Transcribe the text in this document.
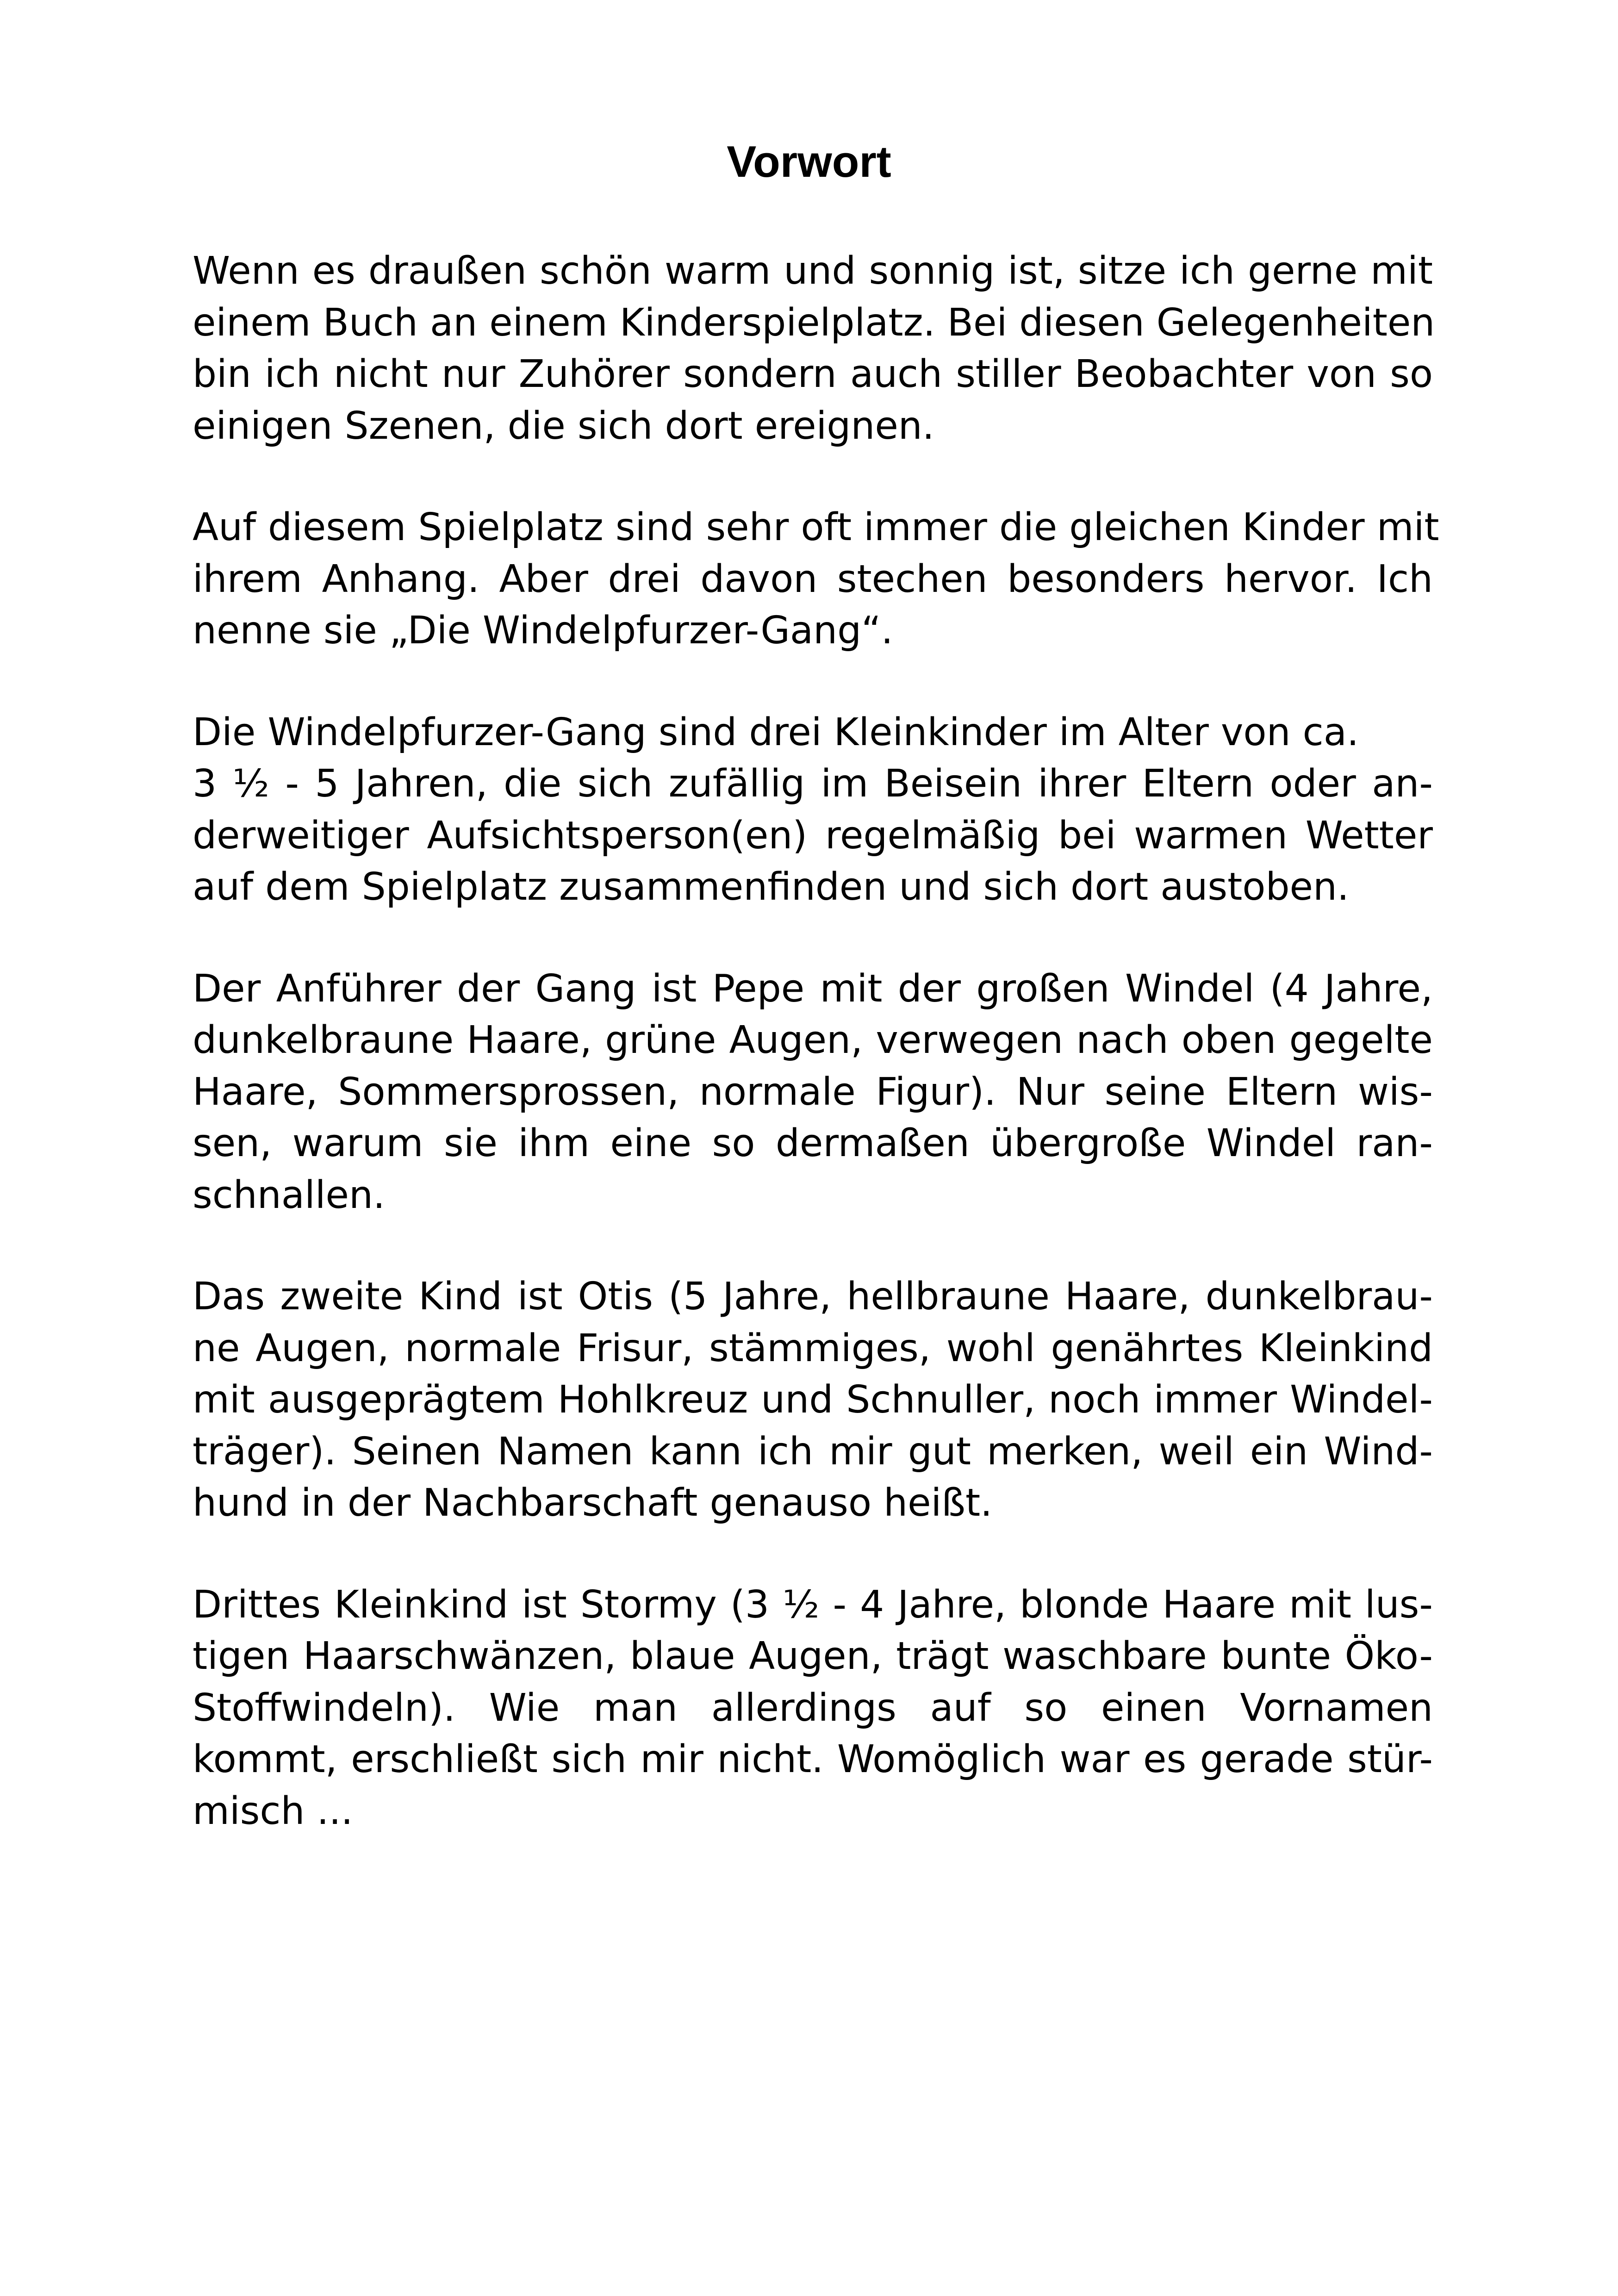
Vorwort

Wenn es draußen schön warm und sonnig ist, sitze ich gerne mit
einem Buch an einem Kinderspielplatz. Bei diesen Gelegenheiten
bin ich nicht nur Zuhörer sondern auch stiller Beobachter von so
einigen Szenen, die sich dort ereignen.

Auf diesem Spielplatz sind sehr oft immer die gleichen Kinder mit
ihrem Anhang. Aber drei davon stechen besonders hervor. Ich
nenne sie „Die Windelpfurzer-Gang“.

Die Windelpfurzer-Gang sind drei Kleinkinder im Alter von ca.
3 ½ - 5 Jahren, die sich zufällig im Beisein ihrer Eltern oder an-
derweitiger Aufsichtsperson(en) regelmäßig bei warmen Wetter
auf dem Spielplatz zusammenfinden und sich dort austoben.

Der Anführer der Gang ist Pepe mit der großen Windel (4 Jahre,
dunkelbraune Haare, grüne Augen, verwegen nach oben gegelte
Haare, Sommersprossen, normale Figur). Nur seine Eltern wis-
sen, warum sie ihm eine so dermaßen übergroße Windel ran-
schnallen.

Das zweite Kind ist Otis (5 Jahre, hellbraune Haare, dunkelbrau-
ne Augen, normale Frisur, stämmiges, wohl genährtes Kleinkind
mit ausgeprägtem Hohlkreuz und Schnuller, noch immer Windel-
träger). Seinen Namen kann ich mir gut merken, weil ein Wind-
hund in der Nachbarschaft genauso heißt.

Drittes Kleinkind ist Stormy (3 ½ - 4 Jahre, blonde Haare mit lus-
tigen Haarschwänzen, blaue Augen, trägt waschbare bunte Öko-
Stoffwindeln). Wie man allerdings auf so einen Vornamen
kommt, erschließt sich mir nicht. Womöglich war es gerade stür-
misch ...
